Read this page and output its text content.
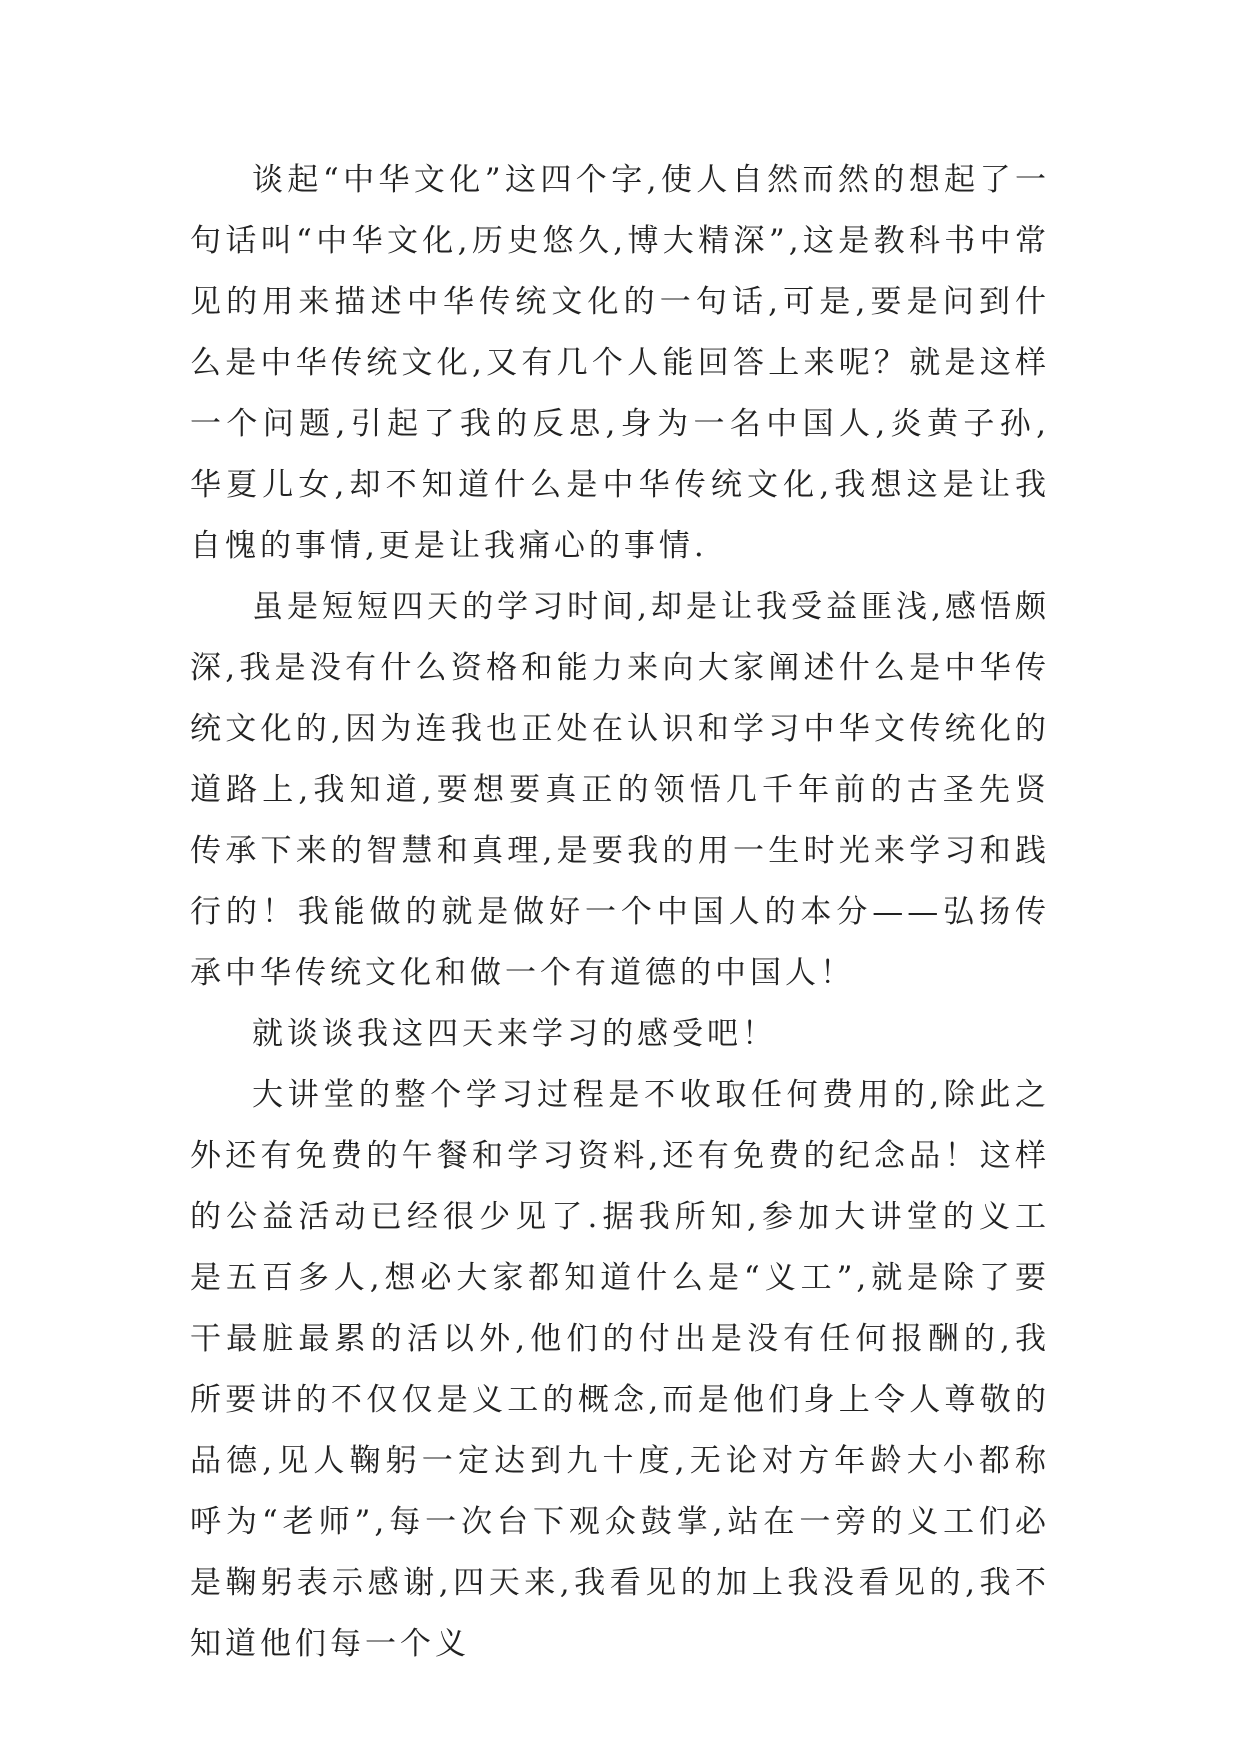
谈起“中华文化”这四个字,使人自然而然的想起了一句话叫“中华文化,历史悠久,博大精深”,这是教科书中常见的用来描述中华传统文化的一句话,可是,要是问到什么是中华传统文化,又有几个人能回答上来呢？就是这样一个问题,引起了我的反思,身为一名中国人,炎黄子孙,华夏儿女,却不知道什么是中华传统文化,我想这是让我自愧的事情,更是让我痛心的事情.

虽是短短四天的学习时间,却是让我受益匪浅,感悟颇深,我是没有什么资格和能力来向大家阐述什么是中华传统文化的,因为连我也正处在认识和学习中华文传统化的道路上,我知道,要想要真正的领悟几千年前的古圣先贤传承下来的智慧和真理,是要我的用一生时光来学习和践行的！我能做的就是做好一个中国人的本分——弘扬传承中华传统文化和做一个有道德的中国人！

就谈谈我这四天来学习的感受吧！

大讲堂的整个学习过程是不收取任何费用的,除此之外还有免费的午餐和学习资料,还有免费的纪念品！这样的公益活动已经很少见了.据我所知,参加大讲堂的义工是五百多人,想必大家都知道什么是“义工”,就是除了要干最脏最累的活以外,他们的付出是没有任何报酬的,我所要讲的不仅仅是义工的概念,而是他们身上令人尊敬的品德,见人鞠躬一定达到九十度,无论对方年龄大小都称呼为“老师”,每一次台下观众鼓掌,站在一旁的义工们必是鞠躬表示感谢,四天来,我看见的加上我没看见的,我不知道他们每一个义
